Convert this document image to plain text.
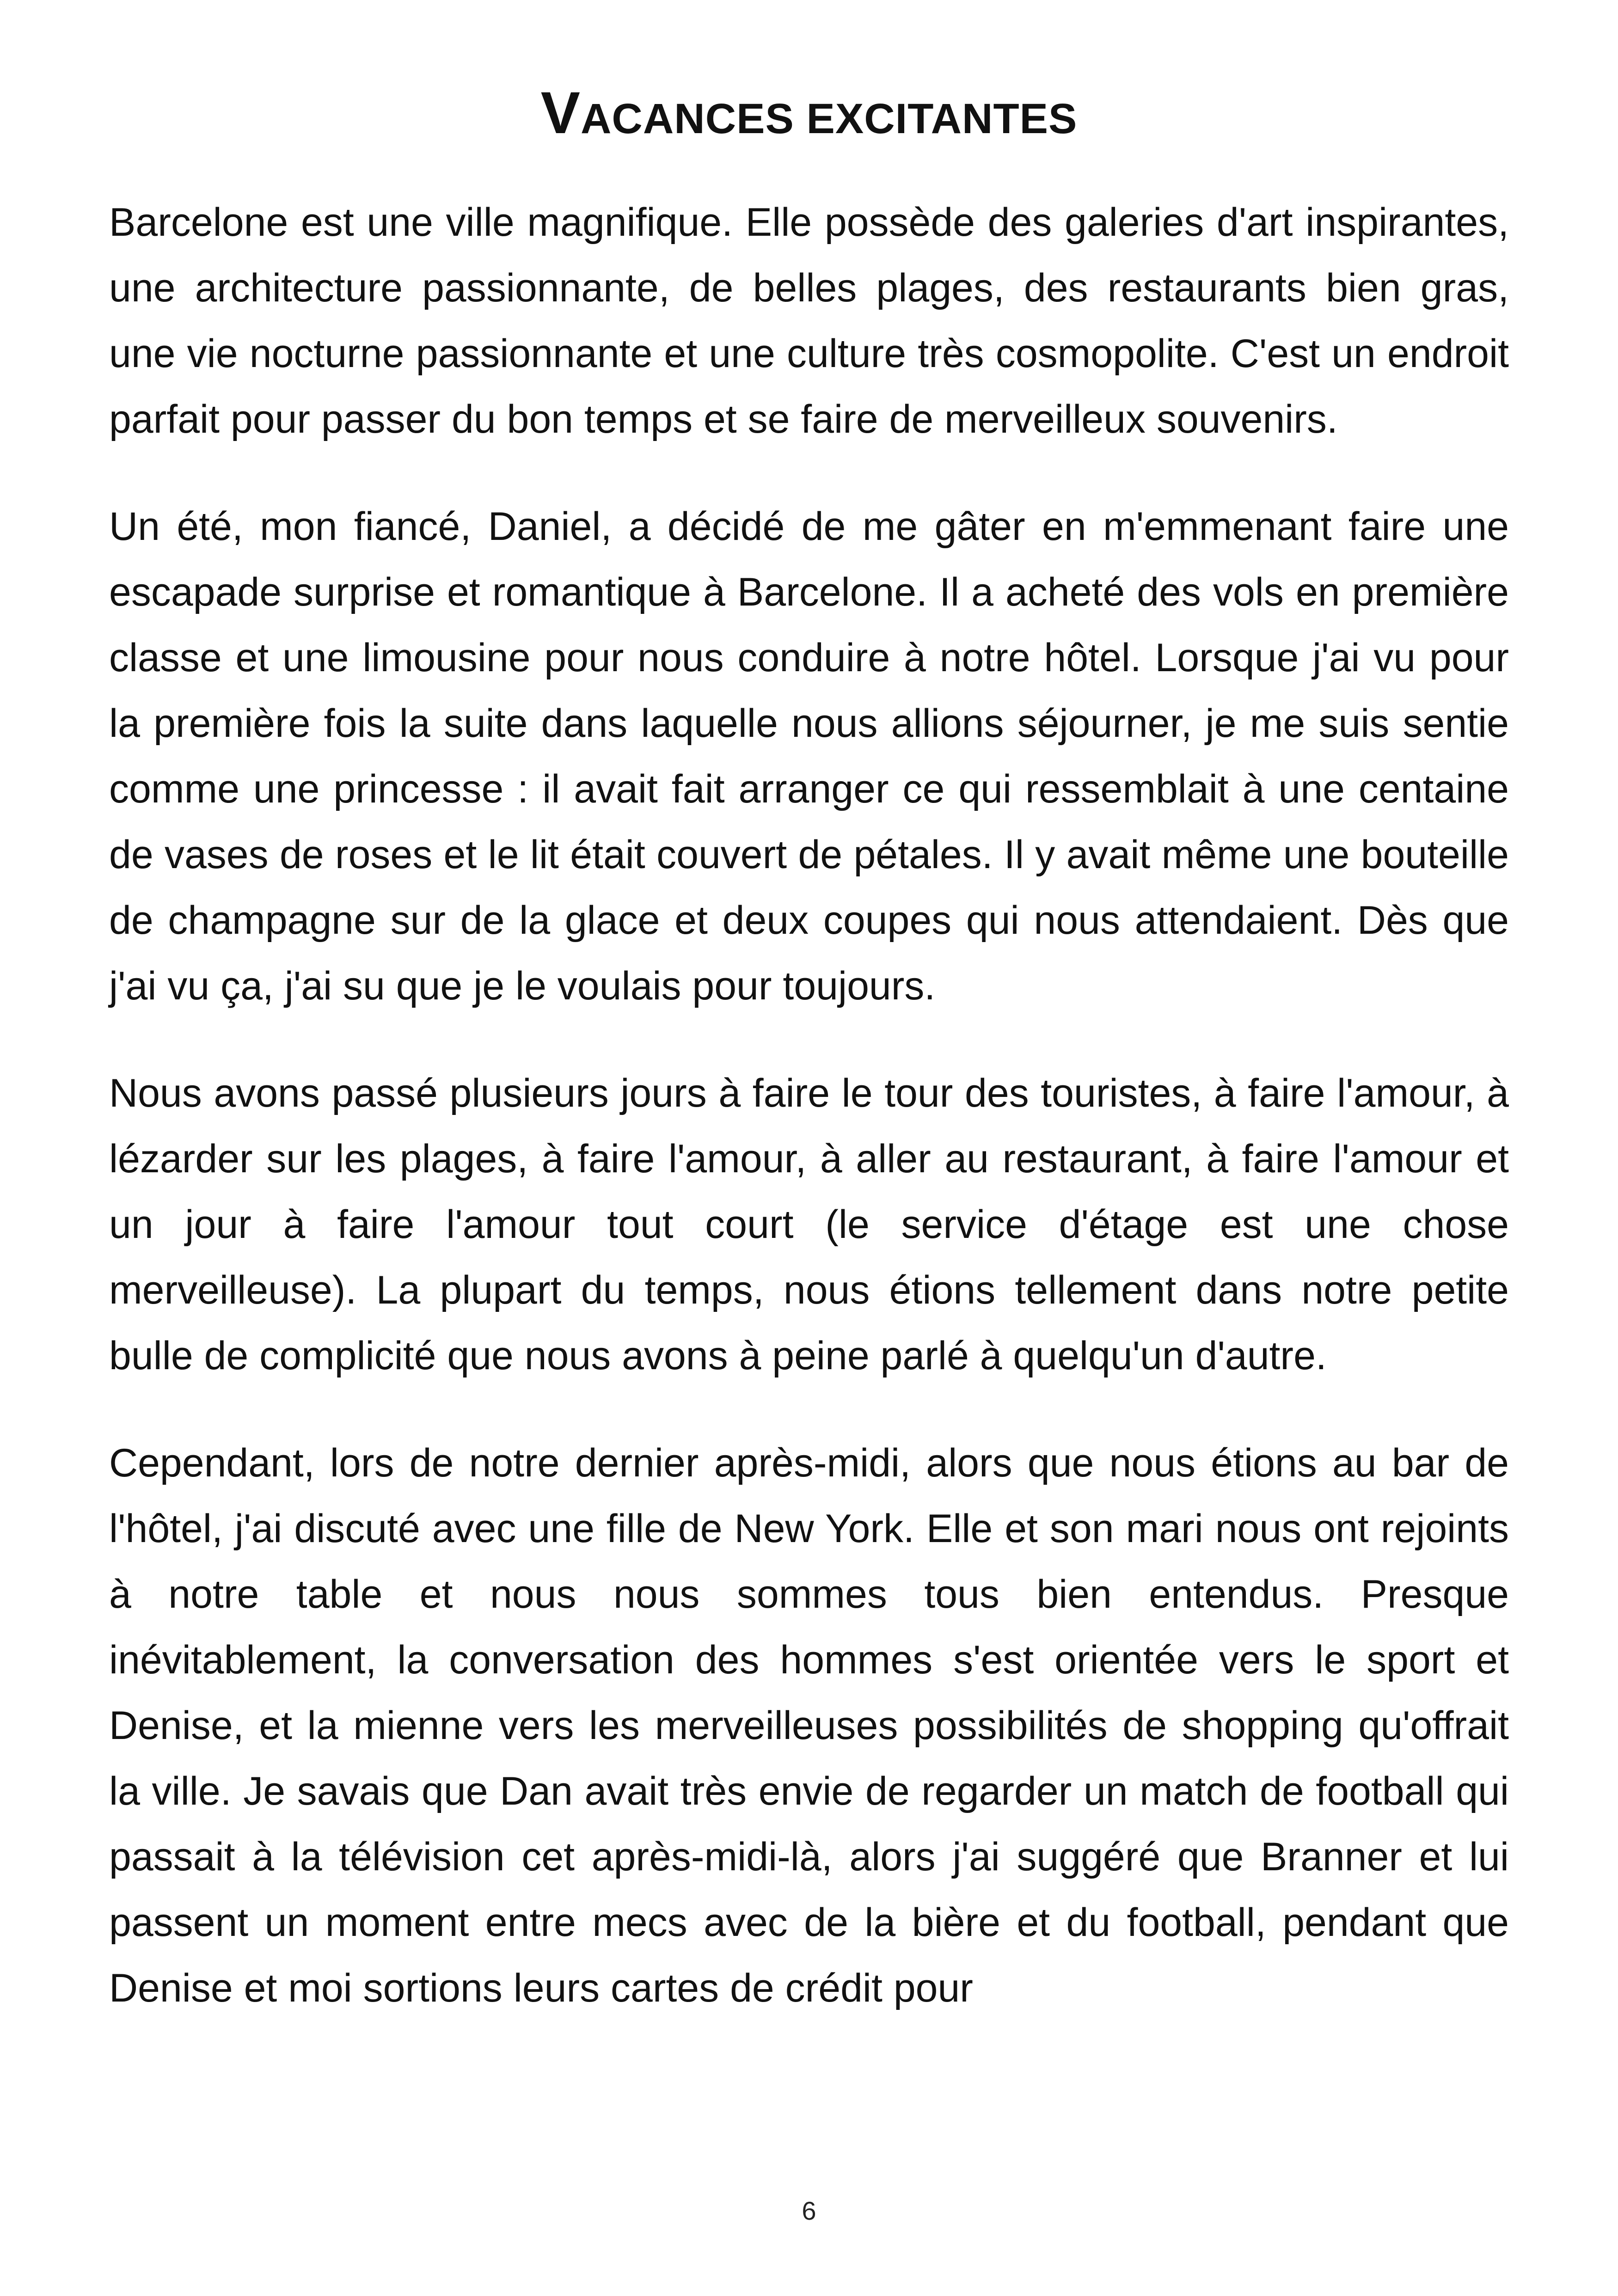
VACANCES EXCITANTES

Barcelone est une ville magnifique. Elle possède des galeries d'art inspirantes, une architecture passionnante, de belles plages, des restaurants bien gras, une vie nocturne passionnante et une culture très cosmopolite. C'est un endroit parfait pour passer du bon temps et se faire de merveilleux souvenirs.

Un été, mon fiancé, Daniel, a décidé de me gâter en m'emmenant faire une escapade surprise et romantique à Barcelone. Il a acheté des vols en première classe et une limousine pour nous conduire à notre hôtel. Lorsque j'ai vu pour la première fois la suite dans laquelle nous allions séjourner, je me suis sentie comme une princesse : il avait fait arranger ce qui ressemblait à une centaine de vases de roses et le lit était couvert de pétales. Il y avait même une bouteille de champagne sur de la glace et deux coupes qui nous attendaient. Dès que j'ai vu ça, j'ai su que je le voulais pour toujours.

Nous avons passé plusieurs jours à faire le tour des touristes, à faire l'amour, à lézarder sur les plages, à faire l'amour, à aller au restaurant, à faire l'amour et un jour à faire l'amour tout court (le service d'étage est une chose merveilleuse). La plupart du temps, nous étions tellement dans notre petite bulle de complicité que nous avons à peine parlé à quelqu'un d'autre.

Cependant, lors de notre dernier après-midi, alors que nous étions au bar de l'hôtel, j'ai discuté avec une fille de New York. Elle et son mari nous ont rejoints à notre table et nous nous sommes tous bien entendus. Presque inévitablement, la conversation des hommes s'est orientée vers le sport et Denise, et la mienne vers les merveilleuses possibilités de shopping qu'offrait la ville. Je savais que Dan avait très envie de regarder un match de football qui passait à la télévision cet après-midi-là, alors j'ai suggéré que Branner et lui passent un moment entre mecs avec de la bière et du football, pendant que Denise et moi sortions leurs cartes de crédit pour

6
